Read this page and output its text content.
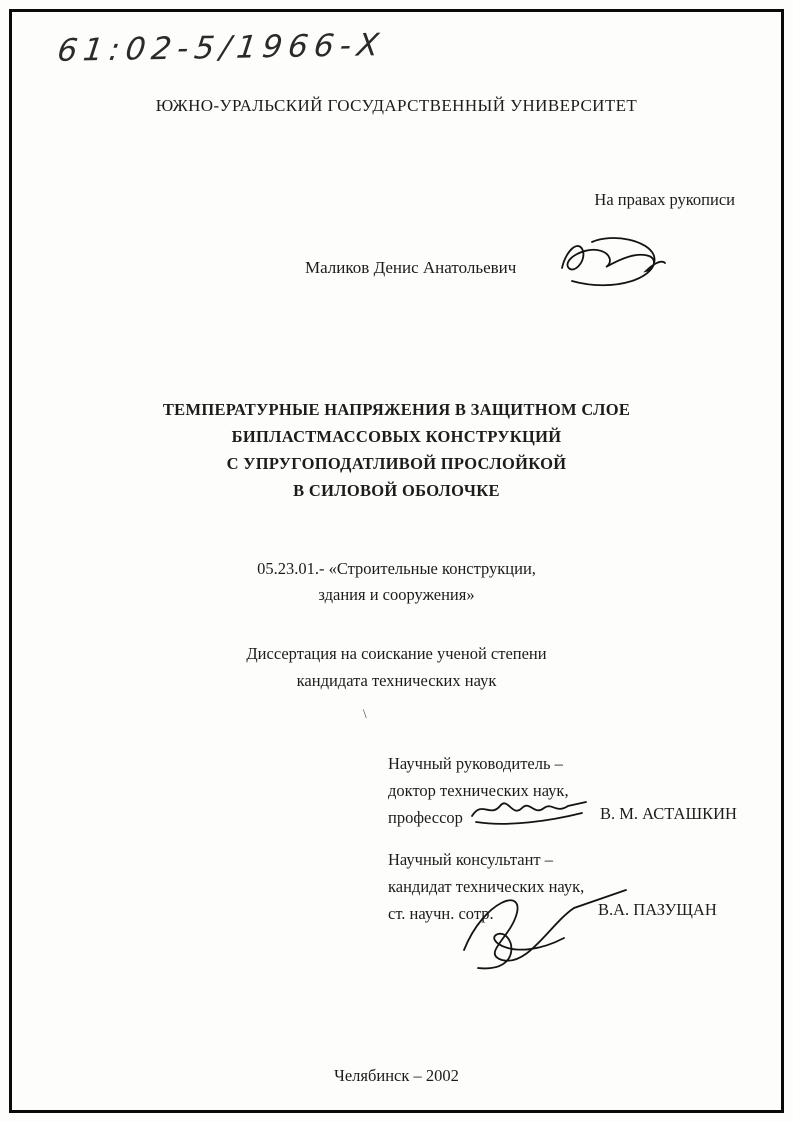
61:02-5/1966-Х
ЮЖНО-УРАЛЬСКИЙ ГОСУДАРСТВЕННЫЙ УНИВЕРСИТЕТ
На правах рукописи
Маликов Денис Анатольевич
ТЕМПЕРАТУРНЫЕ НАПРЯЖЕНИЯ В ЗАЩИТНОМ СЛОЕ
БИПЛАСТМАССОВЫХ КОНСТРУКЦИЙ
С УПРУГОПОДАТЛИВОЙ ПРОСЛОЙКОЙ
В СИЛОВОЙ ОБОЛОЧКЕ
05.23.01.- «Строительные конструкции,
здания и сооружения»
Диссертация на соискание ученой степени
кандидата технических наук
\
Научный руководитель –
доктор технических наук,
профессор	В. М. АСТАШКИН
Научный консультант –
кандидат технических наук,
ст. научн. сотр.	В.А. ПАЗУЩАН
Челябинск – 2002
